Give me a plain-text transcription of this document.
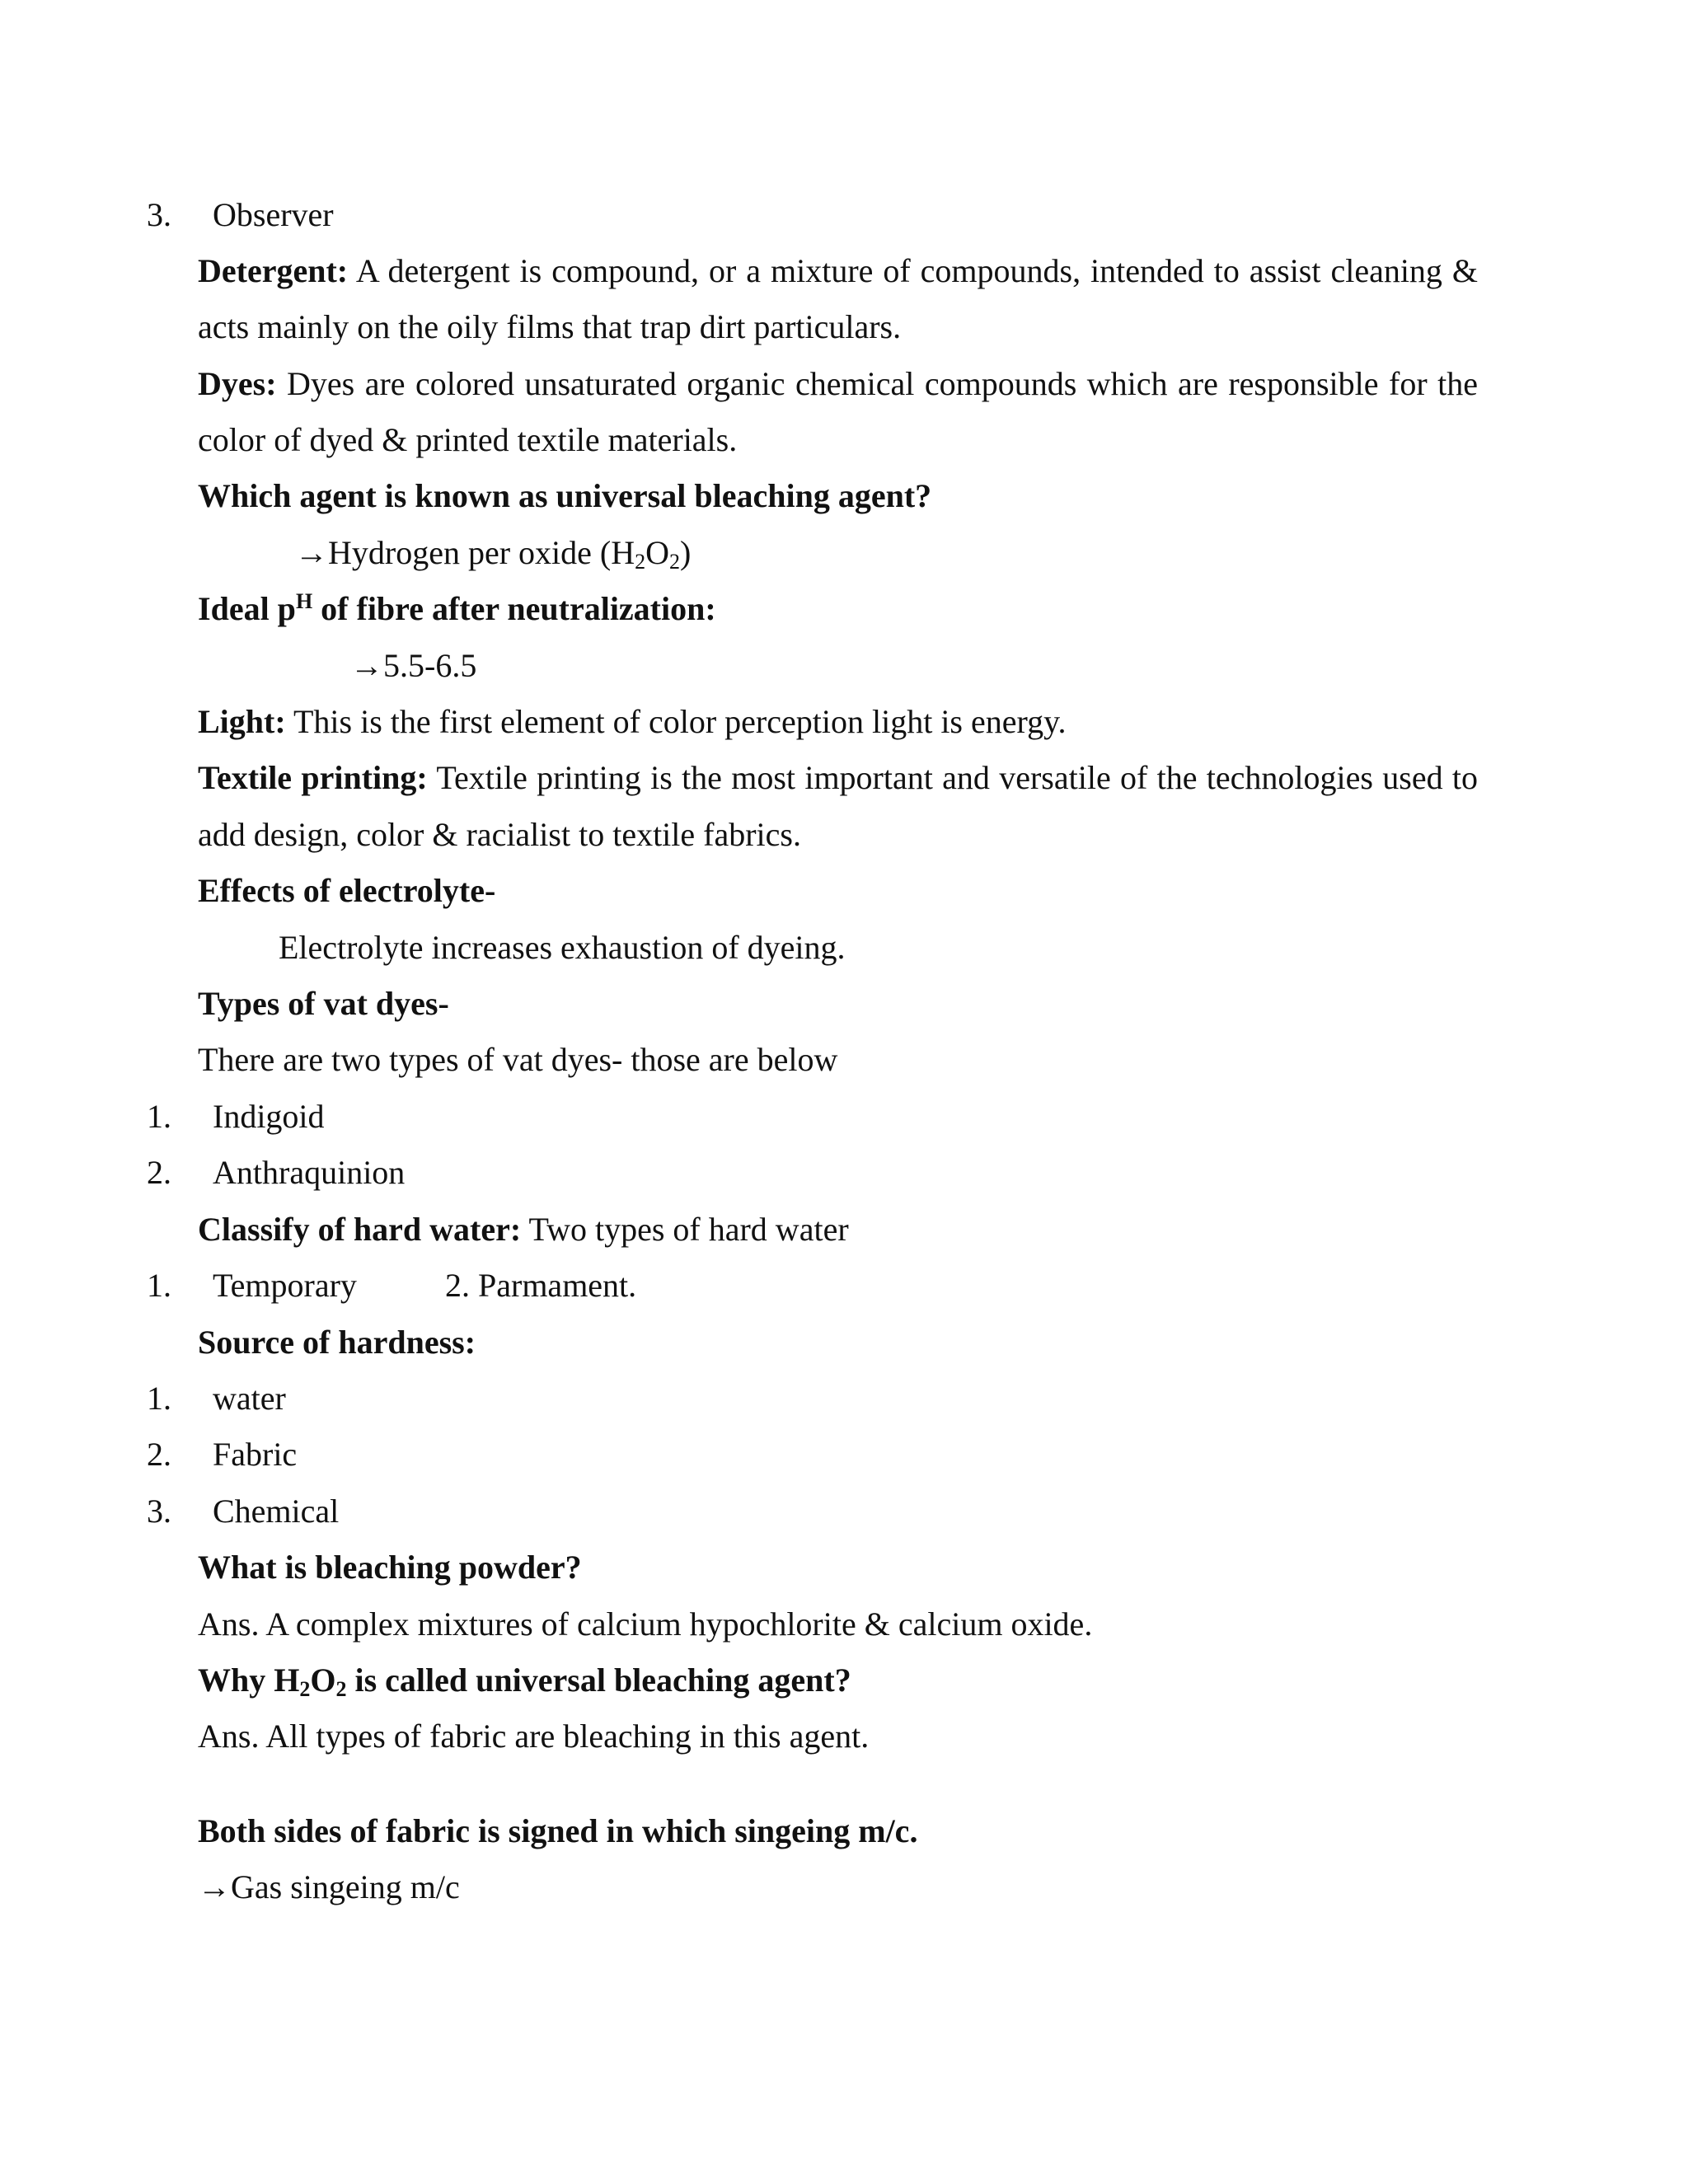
3. Observer
Detergent: A detergent is compound, or a mixture of compounds, intended to assist cleaning &
acts mainly on the oily films that trap dirt particulars.
Dyes: Dyes are colored unsaturated organic chemical compounds which are responsible for the
color of dyed & printed textile materials.
Which agent is known as universal bleaching agent?
→Hydrogen per oxide $(H_2O_2)$
Ideal $p^H$ of fibre after neutralization:
→5.5-6.5
Light: This is the first element of color perception light is energy.
Textile printing: Textile printing is the most important and versatile of the technologies used to
add design, color & racialist to textile fabrics.
Effects of electrolyte-
Electrolyte increases exhaustion of dyeing.
Types of vat dyes-
There are two types of vat dyes- those are below
1. Indigoid
2. Anthraquinion
Classify of hard water: Two types of hard water
1. Temporary	2. Parmament.
Source of hardness:
1. water
2. Fabric
3. Chemical
What is bleaching powder?
Ans. A complex mixtures of calcium hypochlorite & calcium oxide.
Why $H_2O_2$ is called universal bleaching agent?
Ans. All types of fabric are bleaching in this agent.
Both sides of fabric is signed in which singeing m/c.
→Gas singeing m/c
